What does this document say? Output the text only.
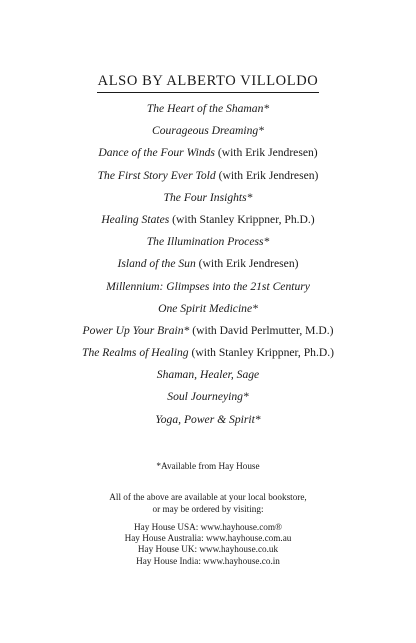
ALSO BY ALBERTO VILLOLDO
The Heart of the Shaman*
Courageous Dreaming*
Dance of the Four Winds (with Erik Jendresen)
The First Story Ever Told (with Erik Jendresen)
The Four Insights*
Healing States (with Stanley Krippner, Ph.D.)
The Illumination Process*
Island of the Sun (with Erik Jendresen)
Millennium: Glimpses into the 21st Century
One Spirit Medicine*
Power Up Your Brain* (with David Perlmutter, M.D.)
The Realms of Healing (with Stanley Krippner, Ph.D.)
Shaman, Healer, Sage
Soul Journeying*
Yoga, Power & Spirit*
*Available from Hay House
All of the above are available at your local bookstore,
or may be ordered by visiting:
Hay House USA: www.hayhouse.com®
Hay House Australia: www.hayhouse.com.au
Hay House UK: www.hayhouse.co.uk
Hay House India: www.hayhouse.co.in
